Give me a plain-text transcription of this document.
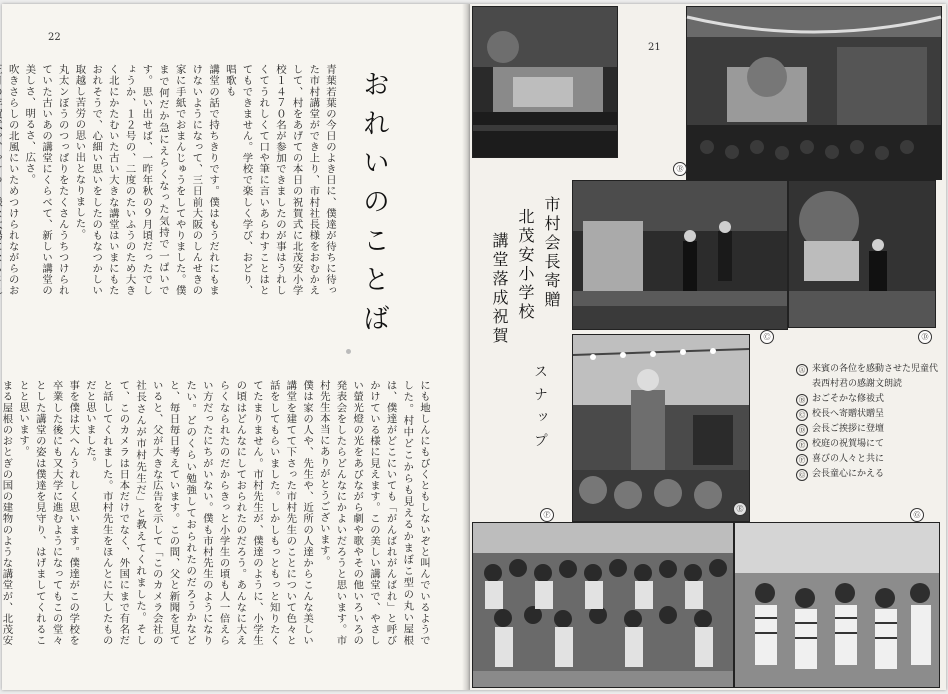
22
おれいのことば
青葉若葉の今日のよき日に、僕達が待ちに待った市村講堂ができ上り、市村社長様をおむかえして、村をあげての本日の祝賀式に北茂安小学校１４７０名が参加できましたのが事はうれしくてうれしくて口や筆に言いあらわすことはとてもできません。学校で楽しく学び、おどり、唱歌も
講堂の話で持ちきりです。僕はもうだれにもまけないようになって、三日前大阪のしんせきの家に手紙でおまんじゅうをしてやりました。僕まで何だか急にえらくなった気持で一ぱいです。思い出せば、一昨年秋の９月頃だったでしょうか、１２号の、二度のたいふうのため大きく北にかたむいた古い大きな講堂はいまにもたおれそうで、心細い思いをしたのもなつかしい取越し苦労の思い出となりました。
丸太ンぼうのつっぱりをたくさんうちつけられていた古いあの講堂にくらべて、新しい講堂の美しさ、明るさ、広さ。
吹きさらしの北風にいためつけられながらのお

にも地しんにもびくともしないぞと叫んでいるようでした。村中どこからも見えるかまぼこ型の丸い屋根は、僕達がどこにいても「がんばれがんばれ」と呼びかけている様に見えます。この美しい講堂で、やさしい螢光燈の光をあびながら劇や歌やその他いろいろの発表会をしたらどんなにかよいだろうと思います。市村先生本当にありがとうございます。
僕は家の人や、先生や、近所の人達からこんな美しい講堂を建てて下さった市村先生のことについて色々と話をしてもらいました。しかしもっともっと知りたくてたまりません。市村先生が、僕達のように、小学生の頃はどんなにしておられたのだろう。あんなに大えらくなられたのだからきっと小学生の頃も人一倍えらい方だったにちがいない。僕も市村先生のようになりたい。どのくらい勉強しておられたのだろうかなどと、毎日毎日考えています。この間、父と新聞を見ていると、父が大きな広告を示して「このカメラ会社の社長さんが市村先生だ」と教えてくれました。そして、このカメラは日本だけでなく、外国にまで有名だと話してくれました。市村先生をほんとに大したものだと思いました。
事を僕は大へんうれしく思います。僕達がこの学校を卒業した後にも又大学に進むようになってもこの堂々とした講堂の姿は僕達を見守り、はげましてくれることと思います。
まる屋根のおとぎの国の建物のような講堂が、北茂安
21
Ⓑ
市村会長寄贈
北茂安小学校
講堂落成祝賀	Ⓒ	Ⓓ
Ⓔ
Ⓕ	Ⓖ
スナップ	Ⓐ 来賓の各位を感動させた児童代表西村君の感謝文朗読
Ⓑ おごそかな修祓式
Ⓒ 校長へ寄贈状贈呈
Ⓓ 会長ご挨拶に登壇
Ⓔ 校庭の祝賀場にて
Ⓕ 喜びの人々と共に
Ⓖ 会長童心にかえる
